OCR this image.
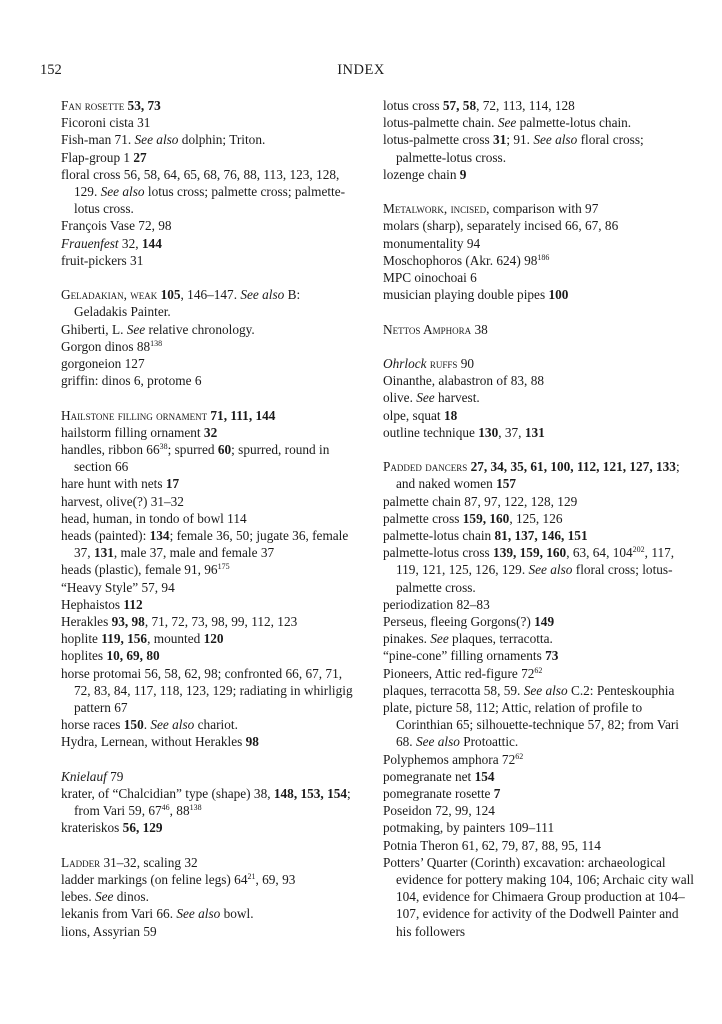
152	INDEX
Fan rosette 53, 73
Ficoroni cista 31
Fish-man 71. See also dolphin; Triton.
Flap-group 1 27
floral cross 56, 58, 64, 65, 68, 76, 88, 113, 123, 128, 129. See also lotus cross; palmette cross; palmette-lotus cross.
François Vase 72, 98
Frauenfest 32, 144
fruit-pickers 31
Geladakian, weak 105, 146–147. See also B: Geladakis Painter.
Ghiberti, L. See relative chronology.
Gorgon dinos $88^{138}$
gorgoneion 127
griffin: dinos 6, protome 6
Hailstone filling ornament 71, 111, 144
hailstorm filling ornament 32
handles, ribbon $66^{38}$; spurred 60; spurred, round in section 66
hare hunt with nets 17
harvest, olive(?) 31–32
head, human, in tondo of bowl 114
heads (painted): 134; female 36, 50; jugate 36, female 37, 131, male 37, male and female 37
heads (plastic), female 91, $96^{175}$
“Heavy Style” 57, 94
Hephaistos 112
Herakles 93, 98, 71, 72, 73, 98, 99, 112, 123
hoplite 119, 156, mounted 120
hoplites 10, 69, 80
horse protomai 56, 58, 62, 98; confronted 66, 67, 71, 72, 83, 84, 117, 118, 123, 129; radiating in whirligig pattern 67
horse races 150. See also chariot.
Hydra, Lernean, without Herakles 98
Knielauf 79
krater, of “Chalcidian” type (shape) 38, 148, 153, 154; from Vari 59, $67^{46}$, $88^{138}$
krateriskos 56, 129
Ladder 31–32, scaling 32
ladder markings (on feline legs) $64^{21}$, 69, 93
lebes. See dinos.
lekanis from Vari 66. See also bowl.
lions, Assyrian 59
lotus cross 57, 58, 72, 113, 114, 128
lotus-palmette chain. See palmette-lotus chain.
lotus-palmette cross 31; 91. See also floral cross; palmette-lotus cross.
lozenge chain 9
Metalwork, incised, comparison with 97
molars (sharp), separately incised 66, 67, 86
monumentality 94
Moschophoros (Akr. 624) $98^{186}$
MPC oinochoai 6
musician playing double pipes 100
Nettos Amphora 38
Ohrlock ruffs 90
Oinanthe, alabastron of 83, 88
olive. See harvest.
olpe, squat 18
outline technique 130, 37, 131
Padded dancers 27, 34, 35, 61, 100, 112, 121, 127, 133; and naked women 157
palmette chain 87, 97, 122, 128, 129
palmette cross 159, 160, 125, 126
palmette-lotus chain 81, 137, 146, 151
palmette-lotus cross 139, 159, 160, 63, 64, $104^{202}$, 117, 119, 121, 125, 126, 129. See also floral cross; lotus-palmette cross.
periodization 82–83
Perseus, fleeing Gorgons(?) 149
pinakes. See plaques, terracotta.
“pine-cone” filling ornaments 73
Pioneers, Attic red-figure $72^{62}$
plaques, terracotta 58, 59. See also C.2: Penteskouphia
plate, picture 58, 112; Attic, relation of profile to Corinthian 65; silhouette-technique 57, 82; from Vari 68. See also Protoattic.
Polyphemos amphora $72^{62}$
pomegranate net 154
pomegranate rosette 7
Poseidon 72, 99, 124
potmaking, by painters 109–111
Potnia Theron 61, 62, 79, 87, 88, 95, 114
Potters’ Quarter (Corinth) excavation: archaeological evidence for pottery making 104, 106; Archaic city wall 104, evidence for Chimaera Group production at 104–107, evidence for activity of the Dodwell Painter and his followers
